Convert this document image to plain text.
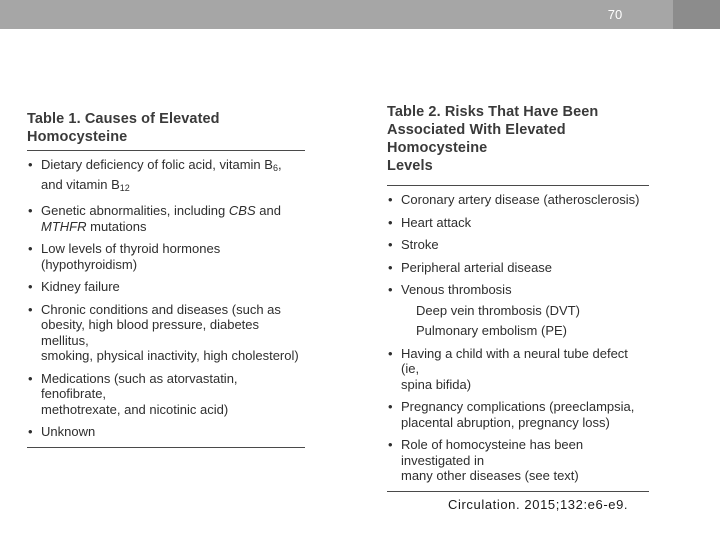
70

Table 1. Causes of Elevated
Homocysteine

• Dietary deficiency of folic acid, vitamin $B_6$,
and vitamin $B_{12}$
• Genetic abnormalities, including CBS and
MTHFR mutations
• Low levels of thyroid hormones
(hypothyroidism)
• Kidney failure
• Chronic conditions and diseases (such as
obesity, high blood pressure, diabetes mellitus,
smoking, physical inactivity, high cholesterol)
• Medications (such as atorvastatin, fenofibrate,
methotrexate, and nicotinic acid)
• Unknown

Table 2. Risks That Have Been
Associated With Elevated Homocysteine
Levels

• Coronary artery disease (atherosclerosis)
• Heart attack
• Stroke
• Peripheral arterial disease
• Venous thrombosis
Deep vein thrombosis (DVT)
Pulmonary embolism (PE)
• Having a child with a neural tube defect (ie,
spina bifida)
• Pregnancy complications (preeclampsia,
placental abruption, pregnancy loss)
• Role of homocysteine has been investigated in
many other diseases (see text)
Circulation. 2015;132:e6-e9.
